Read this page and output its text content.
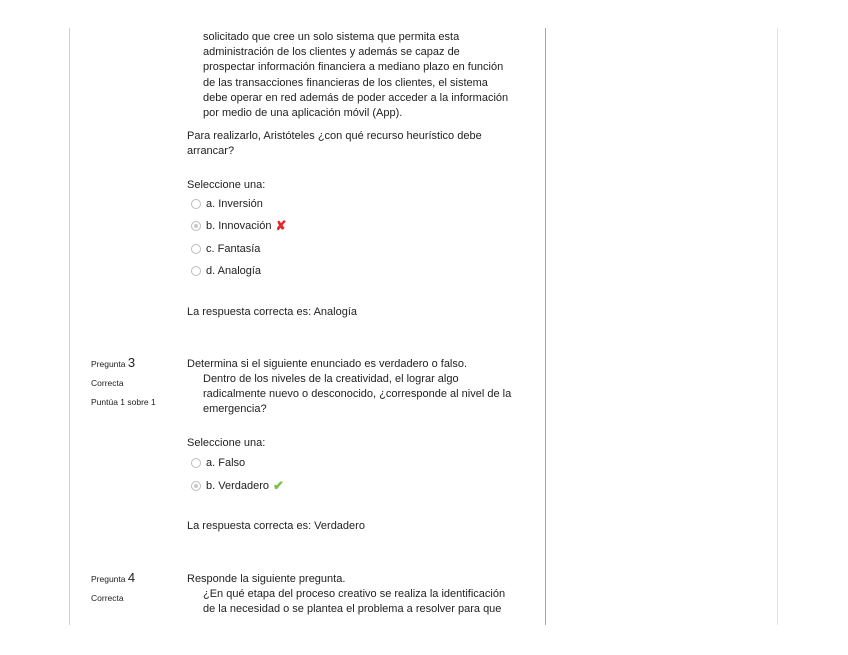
solicitado que cree un solo sistema que permita esta
administración de los clientes y además se capaz de
prospectar información financiera a mediano plazo en función
de las transacciones financieras de los clientes, el sistema
debe operar en red además de poder acceder a la información
por medio de una aplicación móvil (App).
Para realizarlo, Aristóteles ¿con qué recurso heurístico debe
arrancar?
Seleccione una:
a. Inversión
b. Innovación ✘
c. Fantasía
d. Analogía
La respuesta correcta es: Analogía
Pregunta 3
Correcta
Puntúa 1 sobre 1
Determina si el siguiente enunciado es verdadero o falso.
Dentro de los niveles de la creatividad, el lograr algo
radicalmente nuevo o desconocido, ¿corresponde al nivel de la
emergencia?
Seleccione una:
a. Falso
b. Verdadero ✔
La respuesta correcta es: Verdadero
Pregunta 4
Correcta
Responde la siguiente pregunta.
¿En qué etapa del proceso creativo se realiza la identificación
de la necesidad o se plantea el problema a resolver para que
